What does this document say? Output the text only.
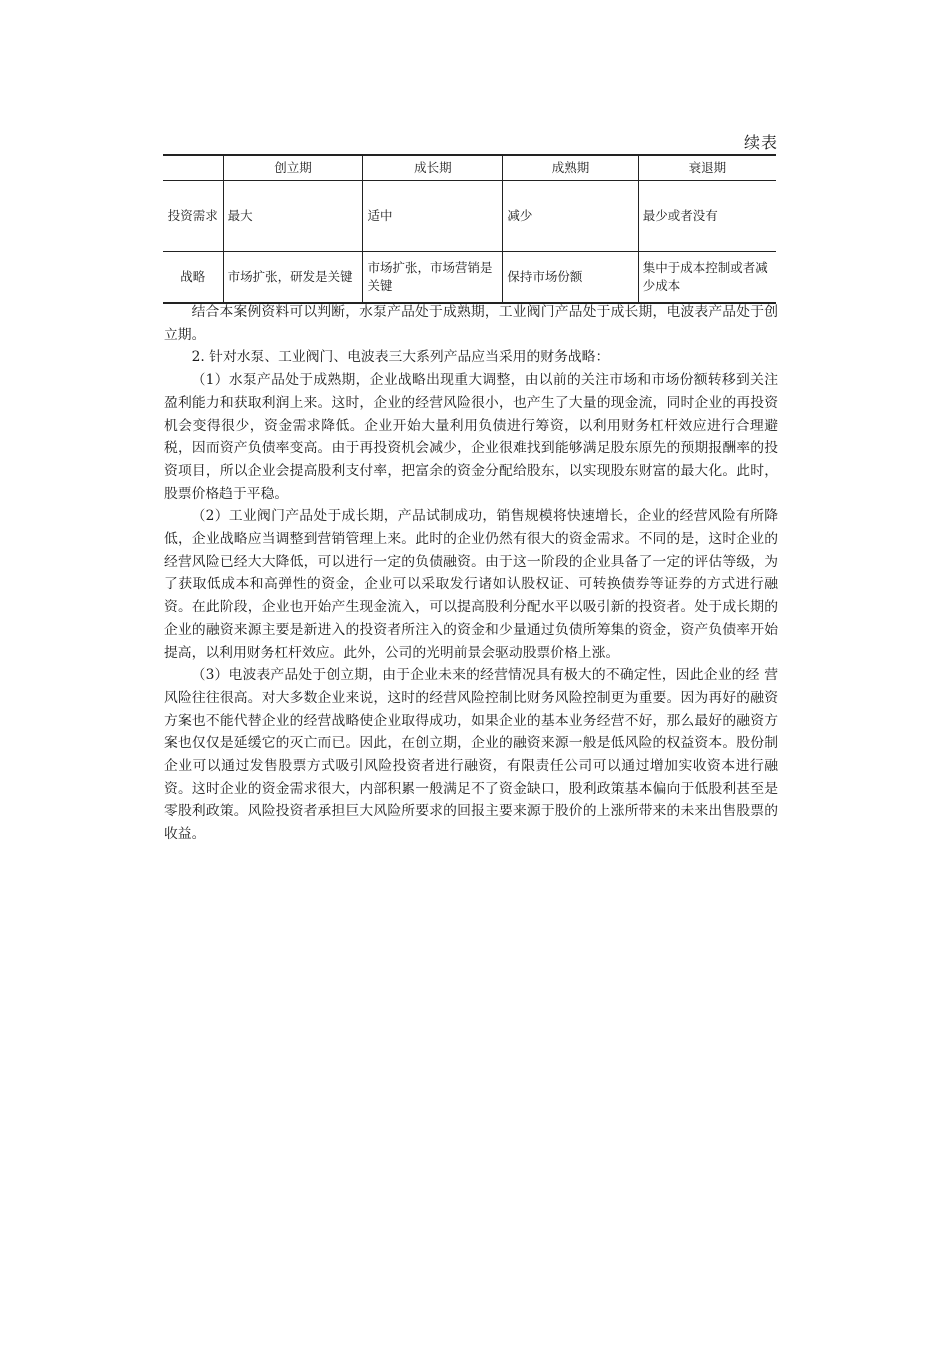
续表
	创立期	成长期	成熟期	衰退期
投资需求	最大	适中	减少	最少或者没有
战略	市场扩张，研发是关键	市场扩张，市场营销是关键	保持市场份额	集中于成本控制或者减少成本

结合本案例资料可以判断，水泵产品处于成熟期，工业阀门产品处于成长期，电波表产品处于创立期。

2. 针对水泵、工业阀门、电波表三大系列产品应当采用的财务战略：

（1）水泵产品处于成熟期，企业战略出现重大调整，由以前的关注市场和市场份额转移到关注盈利能力和获取利润上来。这时，企业的经营风险很小，也产生了大量的现金流，同时企业的再投资机会变得很少，资金需求降低。企业开始大量利用负债进行筹资，以利用财务杠杆效应进行合理避税，因而资产负债率变高。由于再投资机会减少，企业很难找到能够满足股东原先的预期报酬率的投资项目，所以企业会提高股利支付率，把富余的资金分配给股东，以实现股东财富的最大化。此时，股票价格趋于平稳。

（2）工业阀门产品处于成长期，产品试制成功，销售规模将快速增长，企业的经营风险有所降低，企业战略应当调整到营销管理上来。此时的企业仍然有很大的资金需求。不同的是，这时企业的经营风险已经大大降低，可以进行一定的负债融资。由于这一阶段的企业具备了一定的评估等级，为了获取低成本和高弹性的资金，企业可以采取发行诸如认股权证、可转换债券等证券的方式进行融资。在此阶段，企业也开始产生现金流入，可以提高股利分配水平以吸引新的投资者。处于成长期的企业的融资来源主要是新进入的投资者所注入的资金和少量通过负债所筹集的资金，资产负债率开始提高，以利用财务杠杆效应。此外，公司的光明前景会驱动股票价格上涨。

（3）电波表产品处于创立期，由于企业未来的经营情况具有极大的不确定性，因此企业的经 营风险往往很高。对大多数企业来说，这时的经营风险控制比财务风险控制更为重要。因为再好的融资方案也不能代替企业的经营战略使企业取得成功，如果企业的基本业务经营不好，那么最好的融资方案也仅仅是延缓它的灭亡而已。因此，在创立期，企业的融资来源一般是低风险的权益资本。股份制企业可以通过发售股票方式吸引风险投资者进行融资，有限责任公司可以通过增加实收资本进行融资。这时企业的资金需求很大，内部积累一般满足不了资金缺口，股利政策基本偏向于低股利甚至是零股利政策。风险投资者承担巨大风险所要求的回报主要来源于股价的上涨所带来的未来出售股票的收益。
